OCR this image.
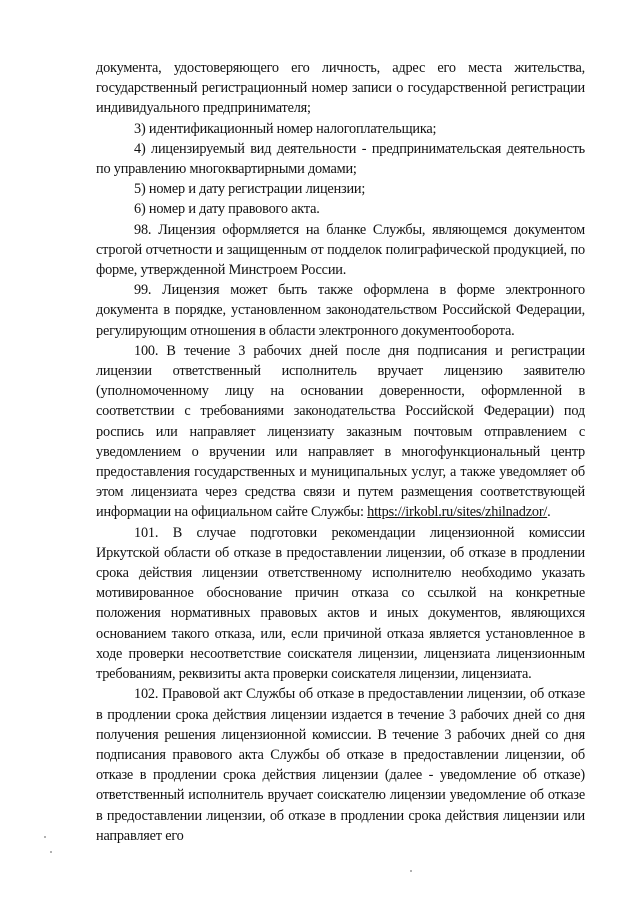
документа, удостоверяющего его личность, адрес его места жительства, государственный регистрационный номер записи о государственной регистрации индивидуального предпринимателя;

3) идентификационный номер налогоплательщика;

4) лицензируемый вид деятельности - предпринимательская деятельность по управлению многоквартирными домами;

5) номер и дату регистрации лицензии;

6) номер и дату правового акта.

98. Лицензия оформляется на бланке Службы, являющемся документом строгой отчетности и защищенным от подделок полиграфической продукцией, по форме, утвержденной Минстроем России.

99. Лицензия может быть также оформлена в форме электронного документа в порядке, установленном законодательством Российской Федерации, регулирующим отношения в области электронного документооборота.

100. В течение 3 рабочих дней после дня подписания и регистрации лицензии ответственный исполнитель вручает лицензию заявителю (уполномоченному лицу на основании доверенности, оформленной в соответствии с требованиями законодательства Российской Федерации) под роспись или направляет лицензиату заказным почтовым отправлением с уведомлением о вручении или направляет в многофункциональный центр предоставления государственных и муниципальных услуг, а также уведомляет об этом лицензиата через средства связи и путем размещения соответствующей информации на официальном сайте Службы: https://irkobl.ru/sites/zhilnadzor/.

101. В случае подготовки рекомендации лицензионной комиссии Иркутской области об отказе в предоставлении лицензии, об отказе в продлении срока действия лицензии ответственному исполнителю необходимо указать мотивированное обоснование причин отказа со ссылкой на конкретные положения нормативных правовых актов и иных документов, являющихся основанием такого отказа, или, если причиной отказа является установленное в ходе проверки несоответствие соискателя лицензии, лицензиата лицензионным требованиям, реквизиты акта проверки соискателя лицензии, лицензиата.

102. Правовой акт Службы об отказе в предоставлении лицензии, об отказе в продлении срока действия лицензии издается в течение 3 рабочих дней со дня получения решения лицензионной комиссии. В течение 3 рабочих дней со дня подписания правового акта Службы об отказе в предоставлении лицензии, об отказе в продлении срока действия лицензии (далее - уведомление об отказе) ответственный исполнитель вручает соискателю лицензии уведомление об отказе в предоставлении лицензии, об отказе в продлении срока действия лицензии или направляет его
